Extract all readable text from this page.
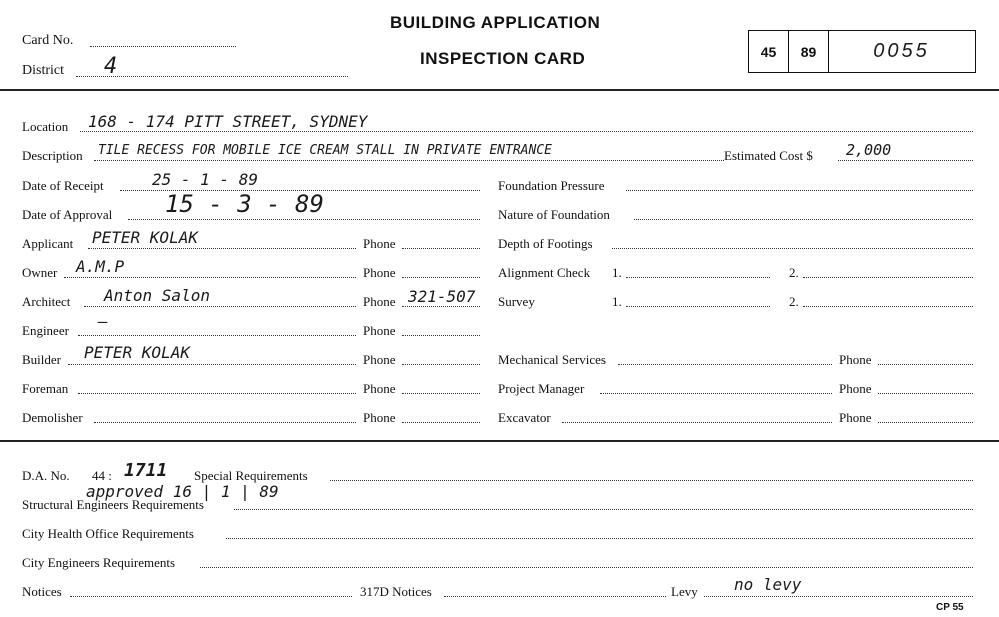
BUILDING APPLICATION
INSPECTION CARD
Card No.
District 4
45	89	0055
Location 168 - 174 PITT STREET, SYDNEY
Description TILE RECESS FOR MOBILE ICE CREAM STALL IN PRIVATE ENTRANCE	Estimated Cost $ 2,000
Date of Receipt	25 - 1 - 89
Date of Approval 15 - 3 - 89
Applicant PETER KOLAK	Phone
Owner A.M.P	Phone
Architect Anton Salon	Phone 321-507
Engineer –	Phone
Builder PETER KOLAK	Phone
Foreman	Phone
Demolisher	Phone
Foundation Pressure
Nature of Foundation
Depth of Footings
Alignment Check 1.	2.
Survey	1.	2.
Mechanical Services	Phone
Project Manager	Phone
Excavator	Phone
D.A. No. 44 : 1711 Special Requirements
approved 16 | 1 | 89
Structural Engineers Requirements
City Health Office Requirements
City Engineers Requirements
Notices	317D Notices	Levy no levy
CP 55
